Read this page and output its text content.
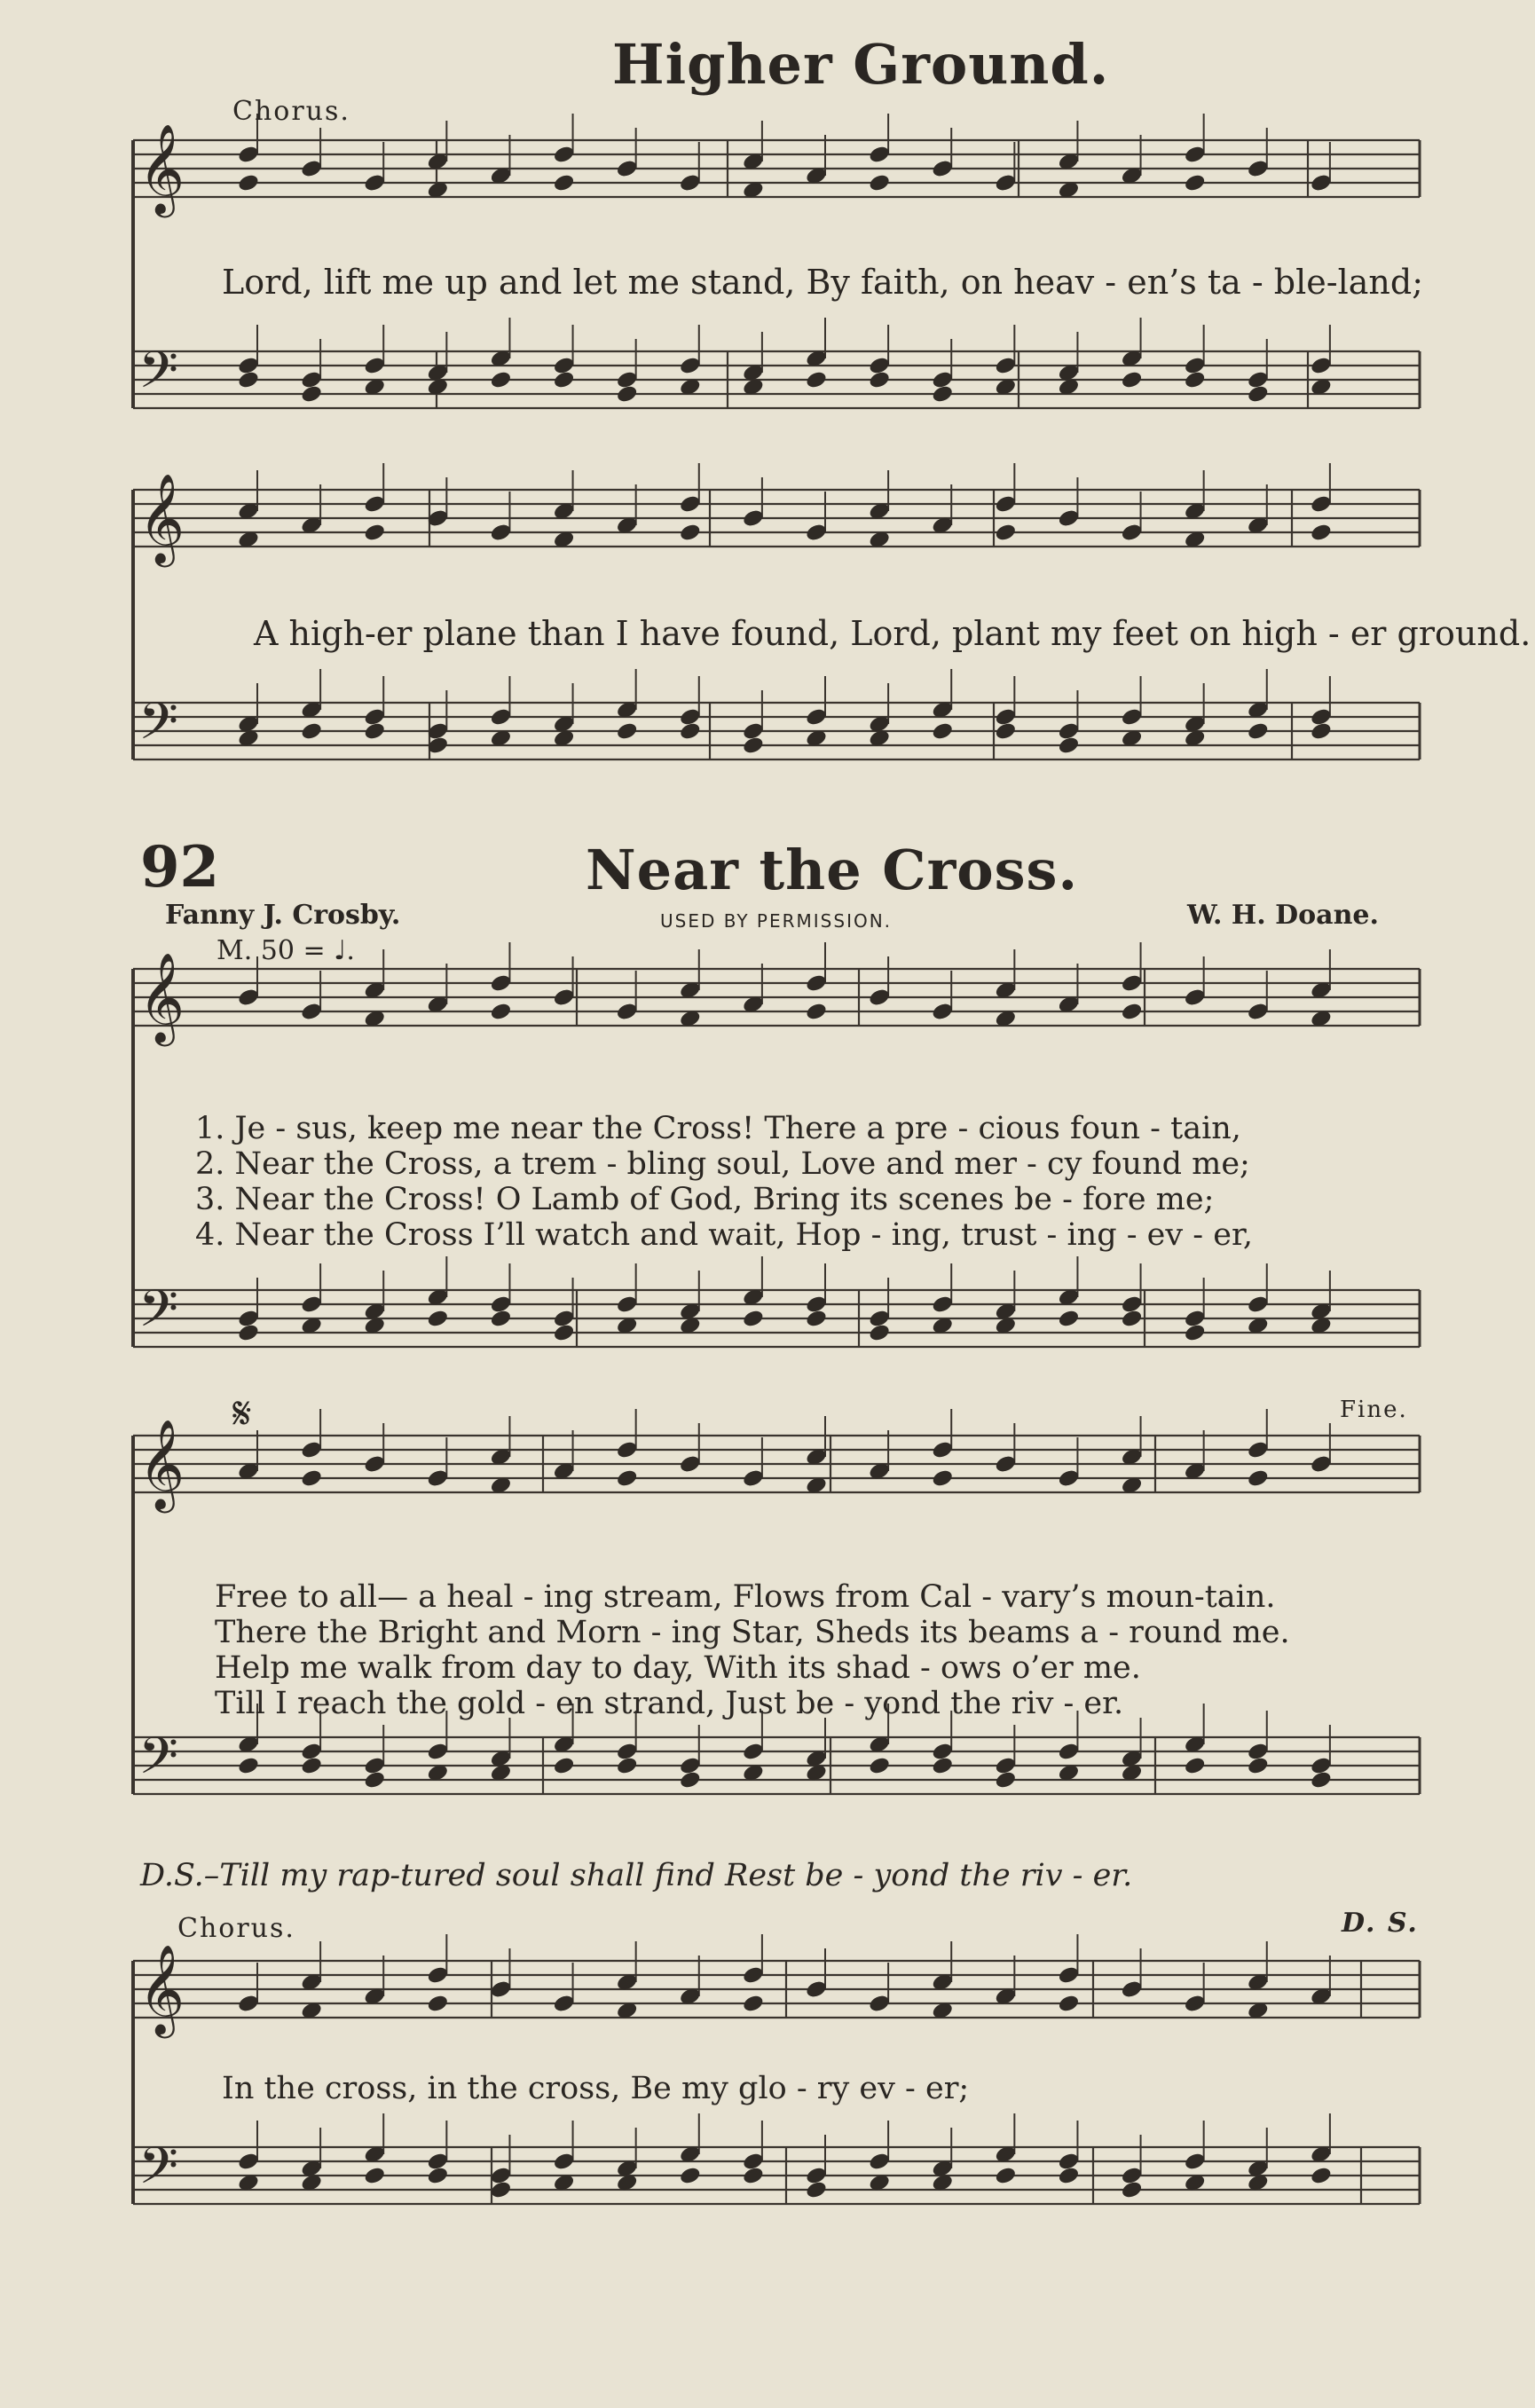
𝄞
𝄢
𝄞
𝄢
𝄞
𝄢
𝄞
𝄢
𝄞
𝄢
Higher Ground.
Chorus.
Lord, lift me up and let me stand, By faith, on heav - en’s ta - ble-land;
A high-er plane than I have found, Lord, plant my feet on high - er ground.
92	Near the Cross.
Fanny J. Crosby.	USED BY PERMISSION.	W. H. Doane.
M. 50 = ♩.
1. Je - sus, keep me near the Cross! There a pre - cious foun - tain,
2. Near the Cross, a trem - bling soul, Love and mer - cy found me;
3. Near the Cross! O Lamb of God, Bring its scenes be - fore me;
4. Near the Cross I’ll watch and wait, Hop - ing, trust - ing - ev - er,
𝄋	Fine.
Free to all— a heal - ing stream, Flows from Cal - vary’s moun-tain.
There the Bright and Morn - ing Star, Sheds its beams a - round me.
Help me walk from day to day, With its shad - ows o’er me.
Till I reach the gold - en strand, Just be - yond the riv - er.
D.S.–Till my rap-tured soul shall find Rest be - yond the riv - er.
Chorus.	D. S.
In the cross, in the cross, Be my glo - ry ev - er;
